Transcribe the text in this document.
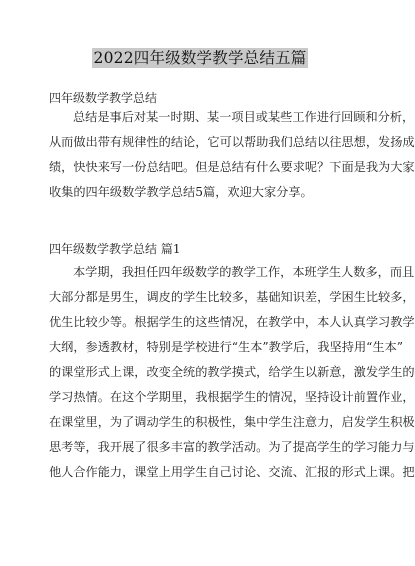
2022四年级数学教学总结五篇
四年级数学教学总结
总结是事后对某一时期、某一项目或某些工作进行回顾和分析，
从而做出带有规律性的结论，它可以帮助我们总结以往思想，发扬成
绩，快快来写一份总结吧。但是总结有什么要求呢？下面是我为大家
收集的四年级数学教学总结5篇，欢迎大家分享。
四年级数学教学总结 篇1
本学期，我担任四年级数学的教学工作，本班学生人数多，而且
大部分都是男生，调皮的学生比较多，基础知识差，学困生比较多，
优生比较少等。根据学生的这些情况，在教学中，本人认真学习教学
大纲，参透教材，特别是学校进行“生本”教学后，我坚持用“生本”
的课堂形式上课，改变全统的教学摸式，给学生以新意，激发学生的
学习热情。在这个学期里，我根据学生的情况，坚持设计前置作业，
在课堂里，为了调动学生的积极性，集中学生注意力，启发学生积极
思考等，我开展了很多丰富的教学活动。为了提高学生的学习能力与
他人合作能力，课堂上用学生自己讨论、交流、汇报的形式上课。把
